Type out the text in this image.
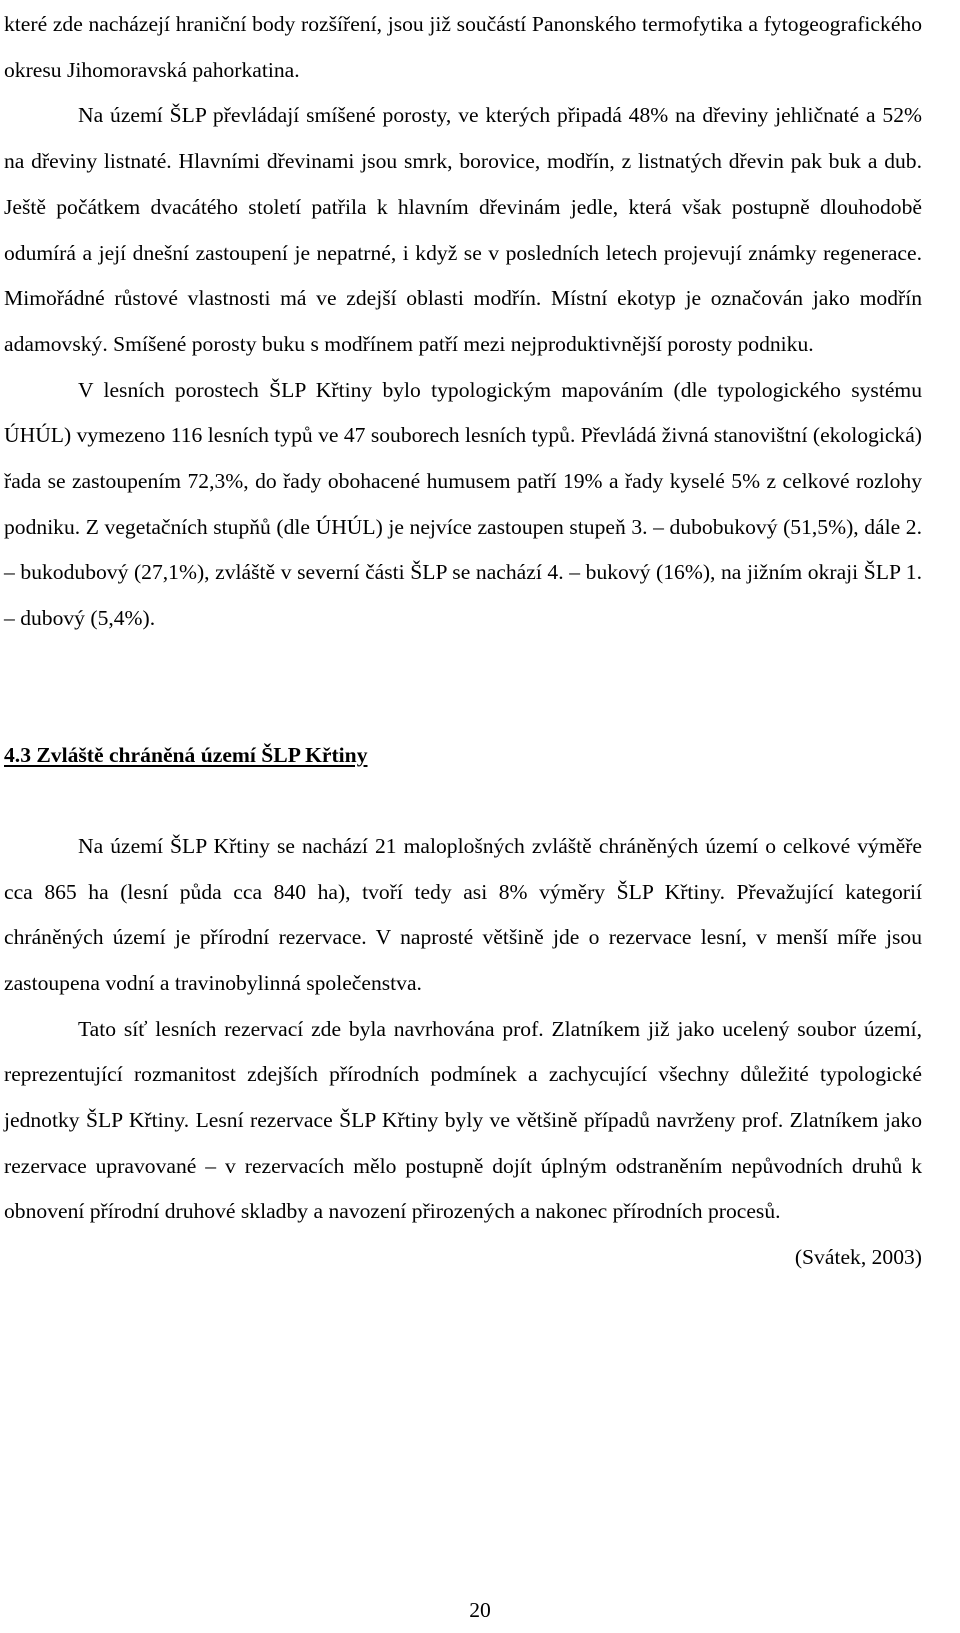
které zde nacházejí hraniční body rozšíření, jsou již součástí Panonského termofytika a fytogeografického okresu Jihomoravská pahorkatina.

Na území ŠLP převládají smíšené porosty, ve kterých připadá 48% na dřeviny jehličnaté a 52% na dřeviny listnaté. Hlavními dřevinami jsou smrk, borovice, modřín, z listnatých dřevin pak buk a dub. Ještě počátkem dvacátého století patřila k hlavním dřevinám jedle, která však postupně dlouhodobě odumírá a její dnešní zastoupení je nepatrné, i když se v posledních letech projevují známky regenerace. Mimořádné růstové vlastnosti má ve zdejší oblasti modřín. Místní ekotyp je označován jako modřín adamovský. Smíšené porosty buku s modřínem patří mezi nejproduktivnější porosty podniku.

V lesních porostech ŠLP Křtiny bylo typologickým mapováním (dle typologického systému ÚHÚL) vymezeno 116 lesních typů ve 47 souborech lesních typů. Převládá živná stanovištní (ekologická) řada se zastoupením 72,3%, do řady obohacené humusem patří 19% a řady kyselé 5% z celkové rozlohy podniku. Z vegetačních stupňů (dle ÚHÚL) je nejvíce zastoupen stupeň 3. – dubobukový (51,5%), dále 2. – bukodubový (27,1%), zvláště v severní části ŠLP se nachází 4. – bukový (16%), na jižním okraji ŠLP 1. – dubový (5,4%).

4.3 Zvláště chráněná území ŠLP Křtiny

Na území ŠLP Křtiny se nachází 21 maloplošných zvláště chráněných území o celkové výměře cca 865 ha (lesní půda cca 840 ha), tvoří tedy asi 8% výměry ŠLP Křtiny. Převažující kategorií chráněných území je přírodní rezervace. V naprosté většině jde o rezervace lesní, v menší míře jsou zastoupena vodní a travinobylinná společenstva.

Tato síť lesních rezervací zde byla navrhována prof. Zlatníkem již jako ucelený soubor území, reprezentující rozmanitost zdejších přírodních podmínek a zachycující všechny důležité typologické jednotky ŠLP Křtiny. Lesní rezervace ŠLP Křtiny byly ve většině případů navrženy prof. Zlatníkem jako rezervace upravované – v rezervacích mělo postupně dojít úplným odstraněním nepůvodních druhů k obnovení přírodní druhové skladby a navození přirozených a nakonec přírodních procesů.

(Svátek, 2003)

20
